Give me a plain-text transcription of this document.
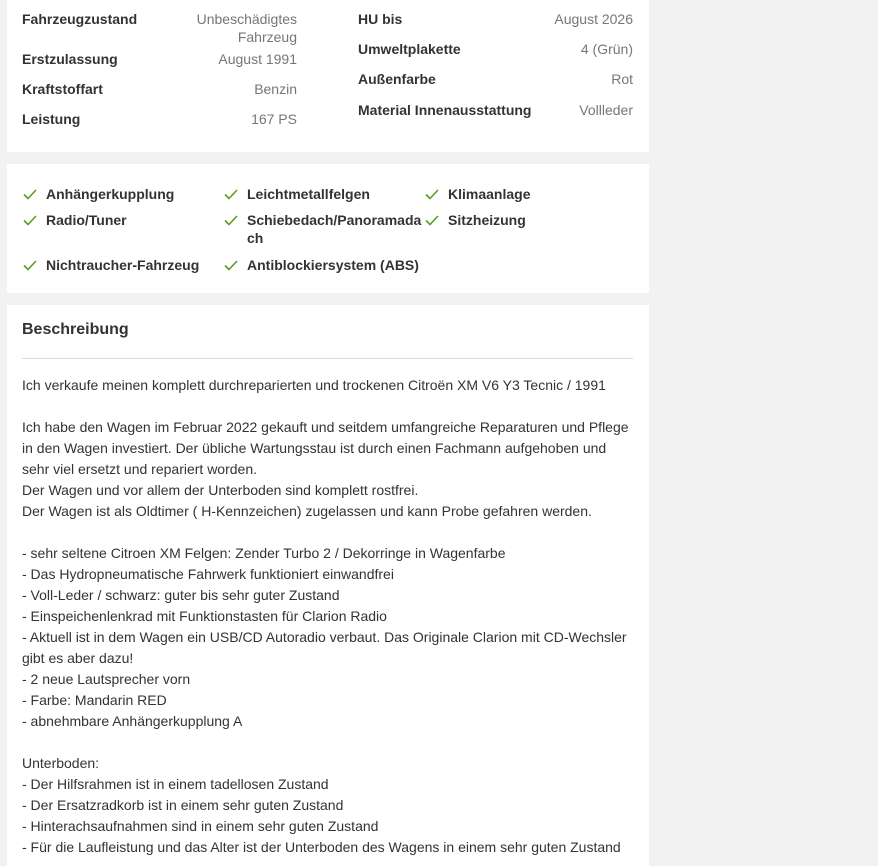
Fahrzeugzustand	Unbeschädigtes Fahrzeug
Erstzulassung	August 1991
Kraftstoffart	Benzin
Leistung	167 PS
HU bis	August 2026
Umweltplakette	4 (Grün)
Außenfarbe	Rot
Material Innenausstattung	Vollleder
Anhängerkupplung	Leichtmetallfelgen	Klimaanlage
Radio/Tuner	Schiebedach/Panoramadach
Sitzheizung
Nichtraucher-Fahrzeug	Antiblockiersystem (ABS)
Beschreibung
Ich verkaufe meinen komplett durchreparierten und trockenen Citroën XM V6 Y3 Tecnic / 1991
Ich habe den Wagen im Februar 2022 gekauft und seitdem umfangreiche Reparaturen und Pflege in den Wagen investiert. Der übliche Wartungsstau ist durch einen Fachmann aufgehoben und sehr viel ersetzt und repariert worden.
Der Wagen und vor allem der Unterboden sind komplett rostfrei.
Der Wagen ist als Oldtimer ( H-Kennzeichen) zugelassen und kann Probe gefahren werden.
- sehr seltene Citroen XM Felgen: Zender Turbo 2 / Dekorringe in Wagenfarbe
- Das Hydropneumatische Fahrwerk funktioniert einwandfrei
- Voll-Leder / schwarz: guter bis sehr guter Zustand
- Einspeichenlenkrad mit Funktionstasten für Clarion Radio
- Aktuell ist in dem Wagen ein USB/CD Autoradio verbaut. Das Originale Clarion mit CD-Wechsler gibt es aber dazu!
- 2 neue Lautsprecher vorn
- Farbe: Mandarin RED
- abnehmbare Anhängerkupplung A
Unterboden:
- Der Hilfsrahmen ist in einem tadellosen Zustand
- Der Ersatzradkorb ist in einem sehr guten Zustand
- Hinterachsaufnahmen sind in einem sehr guten Zustand
- Für die Laufleistung und das Alter ist der Unterboden des Wagens in einem sehr guten Zustand
